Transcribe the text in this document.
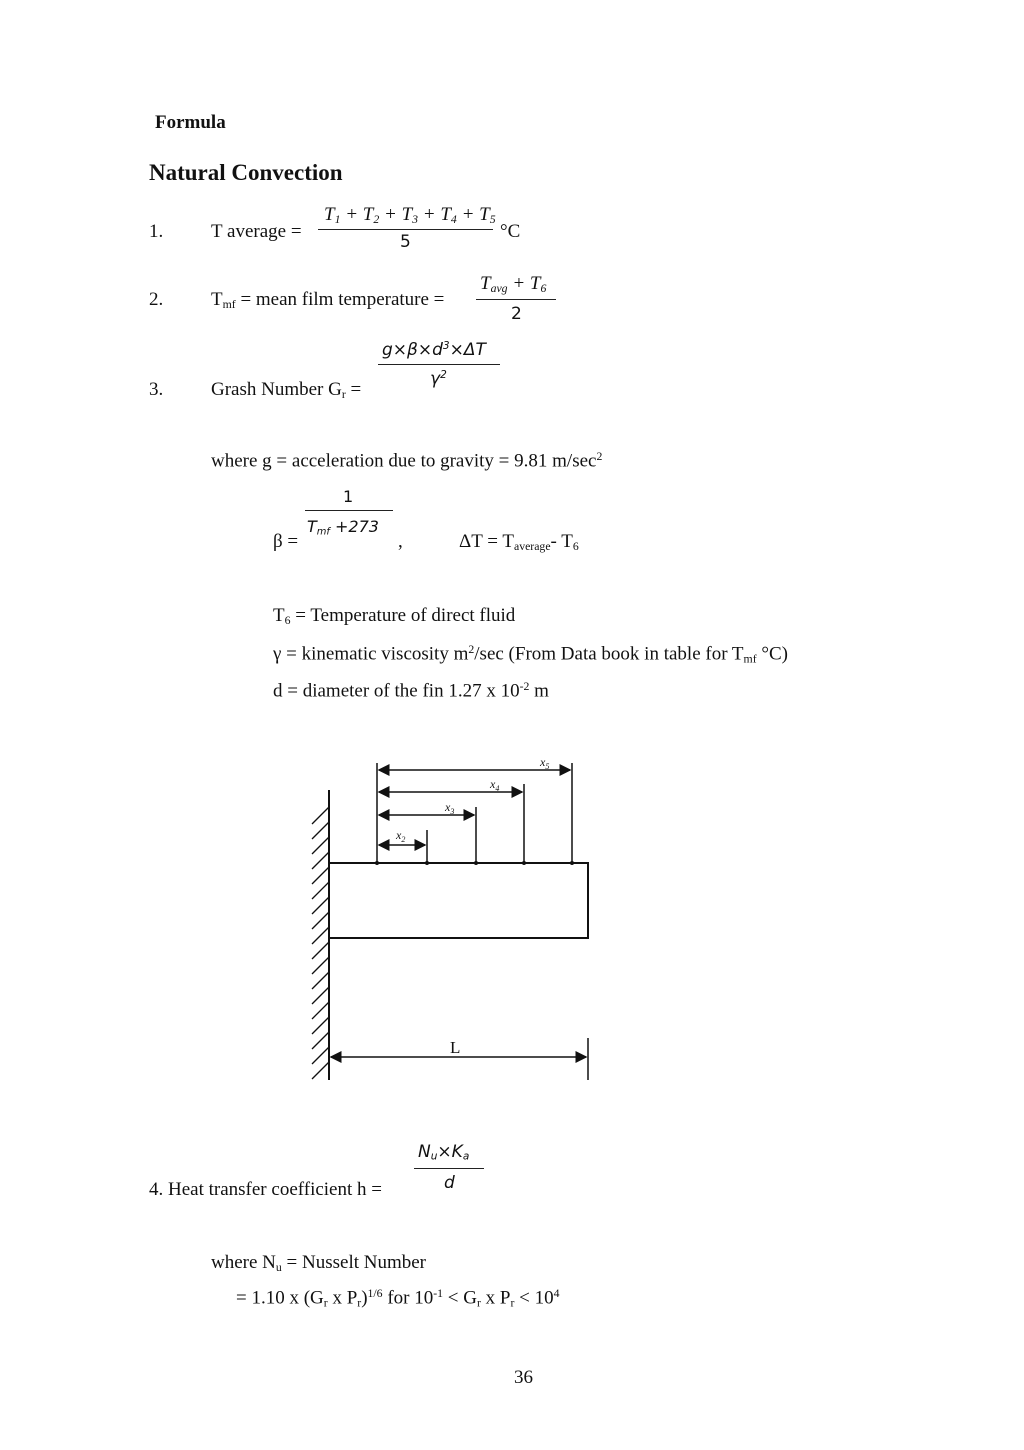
Formula
Natural Convection
1.	T average =
$T_1 + T_2 + T_3 + T_4 + T_5$
5	°C
2.	$T_{mf}$ = mean film temperature =
$T_{avg} + T_6$
2
$g\times\beta\times d^3\times\Delta T$
$\gamma^2$
3.	Grash Number $G_r$ =
where g = acceleration due to gravity = 9.81 $m/\sec^2$
1
$T_{mf} +273$
β =	,	$\Delta T = T_{average}-$ $T_6$
$T_6$ = Temperature of direct fluid
γ = kinematic viscosity $m^2/\sec$ (From Data book in table for $T_{mf}$ °C)
d = diameter of the fin 1.27 x $10^{-2}$ m
$x_5$
$x_4$
$x_3$
$x_2$
L
$N_u\times K_a$
d
4. Heat transfer coefficient h =
where $N_u$ = Nusselt Number
= 1.10 x ($G_r$ x $P_r)^{1/6}$ for $10^{-1} < G_r$ x $P_r < 10^4$
36
